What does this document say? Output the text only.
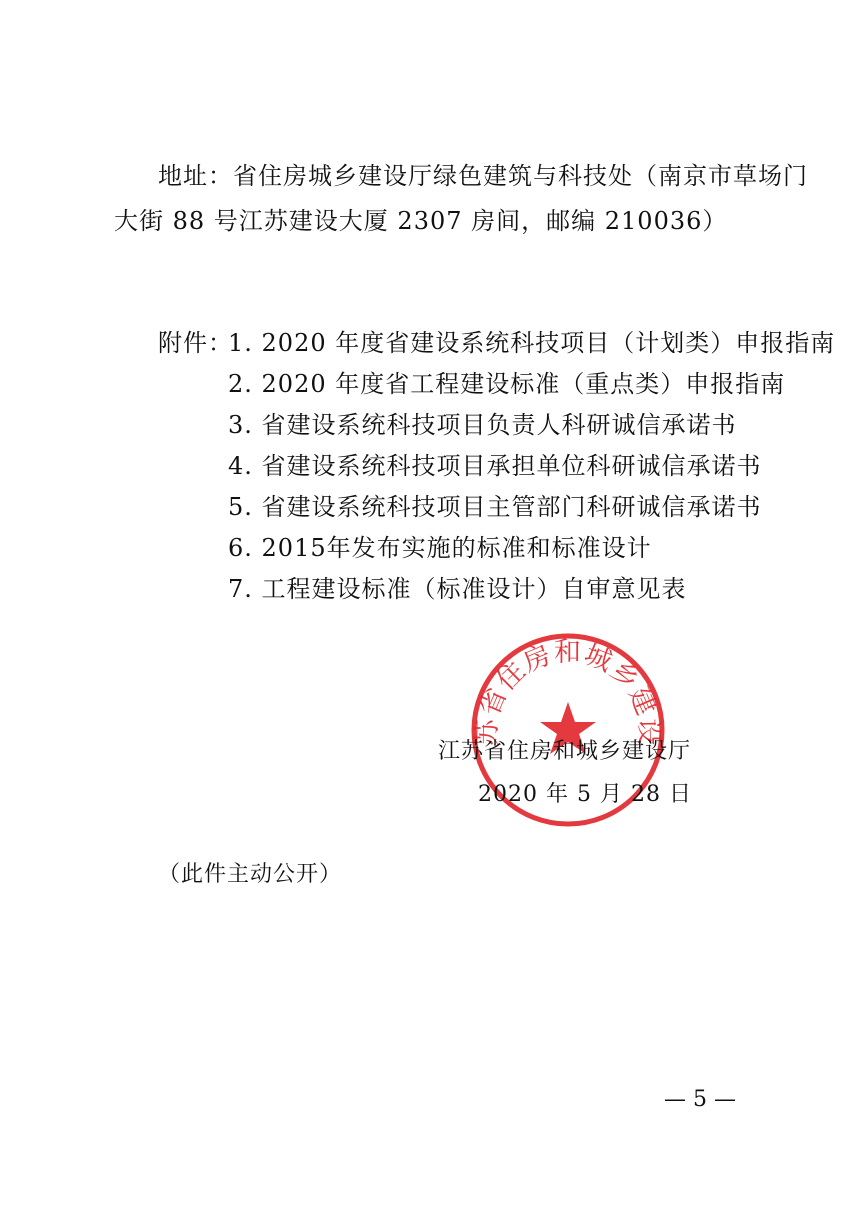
地址：省住房城乡建设厅绿色建筑与科技处（南京市草场门
大街 88 号江苏建设大厦 2307 房间，邮编 210036）
附件：
1. 2020 年度省建设系统科技项目（计划类）申报指南
2. 2020 年度省工程建设标准（重点类）申报指南
3. 省建设系统科技项目负责人科研诚信承诺书
4. 省建设系统科技项目承担单位科研诚信承诺书
5. 省建设系统科技项目主管部门科研诚信承诺书
6. 2015年发布实施的标准和标准设计
7. 工程建设标准（标准设计）自审意见表
苏省住房和城乡建设
江苏省住房和城乡建设厅
2020 年 5 月 28 日
（此件主动公开）
— 5 —
